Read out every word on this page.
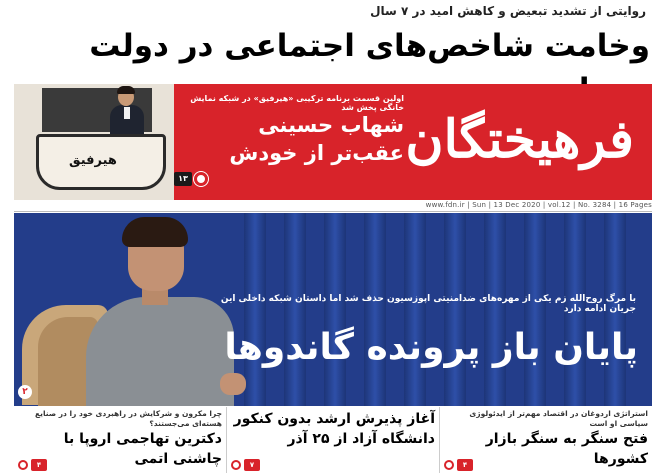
روایتی از تشدید تبعیض و کاهش امید در ۷ سال
وخامت شاخص‌های اجتماعی در دولت
هیرفیق
اولین قسمت برنامه ترکیبی «هیرفیق» در شبکه نمایش خانگی پخش شد
شهاب حسینی
عقب‌تر از خودش
۱۳
فرهیختگان
www.fdn.ir | Sun | 13 Dec 2020 | vol.12 | No. 3284 | 16 Pages
با مرگ روح‌الله زم یکی از مهره‌های ضدامنیتی اپوزسیون حذف شد اما داستان شبکه داخلی این جریان ادامه دارد
پایان باز پرونده گاندوها
۲
استراتژی اردوغان در اقتصاد مهم‌تر از ایدئولوژی سیاسی او است
فتح سنگر به سنگر بازار کشورها
۴
آغاز پذیرش ارشد بدون کنکور
دانشگاه آزاد از ۲۵ آذر
۷
چرا مکرون و شرکایش در راهبردی خود را در صنایع هسته‌ای می‌جستند؟
دکترین تهاجمی اروپا با چاشنی اتمی
۴
